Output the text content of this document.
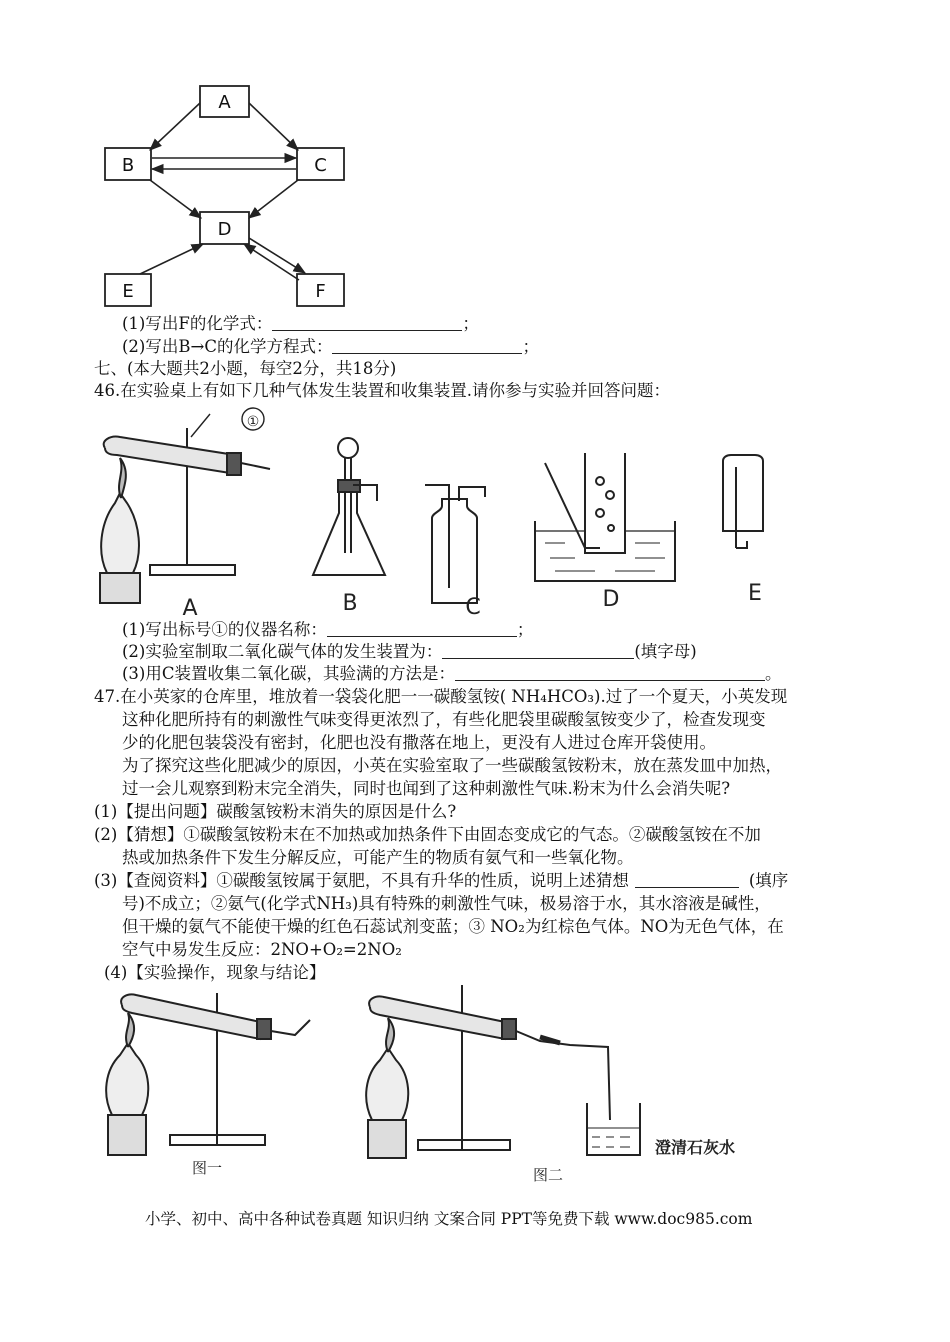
A
B	C
D
E	F
(1)写出F的化学式：	；
(2)写出B→C的化学方程式：	；
七、(本大题共2小题，每空2分，共18分)
46.在实验桌上有如下几种气体发生装置和收集装置.请你参与实验并回答问题：
①
A	B	C	D	E
(1)写出标号①的仪器名称：	；
(2)实验室制取二氧化碳气体的发生装置为：	(填字母)
(3)用C装置收集二氧化碳，其验满的方法是：	。
47.在小英家的仓库里，堆放着一袋袋化肥一一碳酸氢铵( NH₄HCO₃).过了一个夏天，小英发现
这种化肥所持有的刺激性气味变得更浓烈了，有些化肥袋里碳酸氢铵变少了，检查发现变
少的化肥包装袋没有密封，化肥也没有撒落在地上，更没有人进过仓库开袋使用。
为了探究这些化肥减少的原因，小英在实验室取了一些碳酸氢铵粉末，放在蒸发皿中加热，
过一会儿观察到粉末完全消失，同时也闻到了这种刺激性气味.粉末为什么会消失呢?
(1)【提出问题】碳酸氢铵粉末消失的原因是什么?
(2)【猜想】①碳酸氢铵粉末在不加热或加热条件下由固态变成它的气态。②碳酸氢铵在不加
热或加热条件下发生分解反应，可能产生的物质有氨气和一些氧化物。
(3)【查阅资料】①碳酸氢铵属于氨肥，不具有升华的性质，说明上述猜想	(填序
号)不成立；②氨气(化学式NH₃)具有特殊的刺激性气味，极易溶于水，其水溶液是碱性，
但干燥的氨气不能使干燥的红色石蕊试剂变蓝；③ NO₂为红棕色气体。NO为无色气体，在
空气中易发生反应：2NO+O₂=2NO₂
(4)【实验操作，现象与结论】
图一	图二
澄清石灰水
小学、初中、高中各种试卷真题 知识归纳 文案合同 PPT等免费下载 www.doc985.com
